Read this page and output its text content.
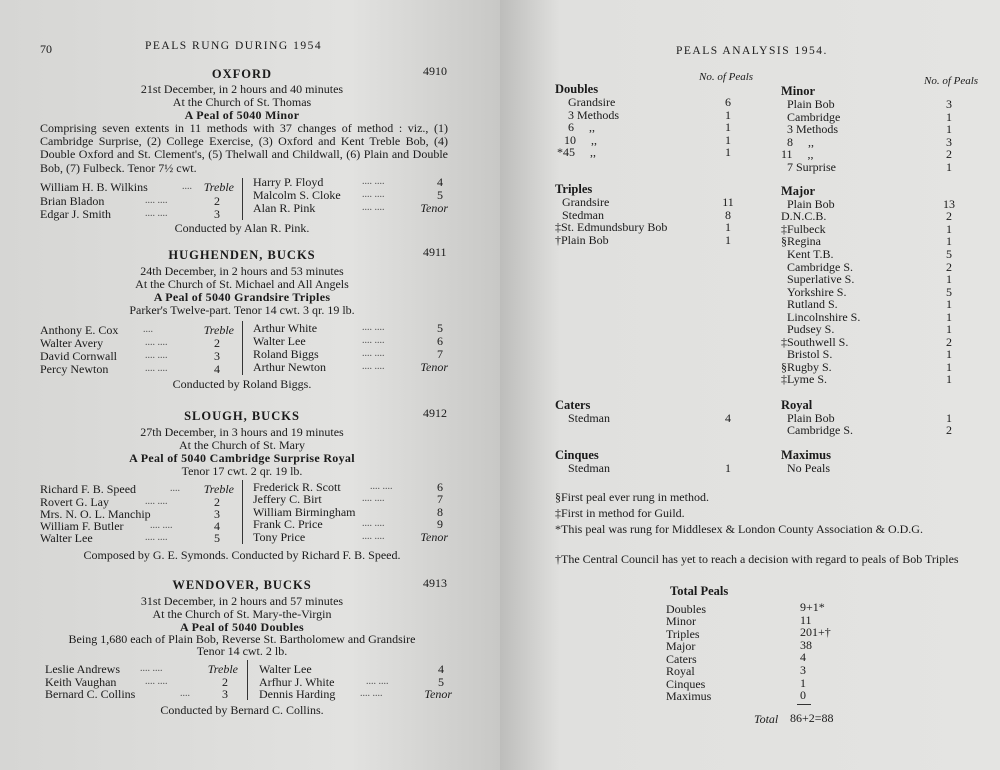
70	PEALS RUNG DURING 1954
OXFORD	4910
21st December, in 2 hours and 40 minutes
At the Church of St. Thomas
A Peal of 5040 Minor
Comprising seven extents in 11 methods with 37 changes of method : viz., (1) Cambridge Surprise, (2) College Exercise, (3) Oxford and Kent Treble Bob, (4) Double Oxford and St. Clement's, (5) Thelwall and Childwall, (6) Plain and Double Bob, (7) Fulbeck. Tenor 7½ cwt.
William H. B. Wilkins	.... Treble
Brian Bladon	.... ....	2
Edgar J. Smith	.... ....	3
Harry P. Floyd	.... ....	4
Malcolm S. Cloke .... ....	5
Alan R. Pink	.... ....	Tenor
Conducted by Alan R. Pink.
HUGHENDEN, BUCKS	4911
24th December, in 2 hours and 53 minutes
At the Church of St. Michael and All Angels
A Peal of 5040 Grandsire Triples
Parker's Twelve-part. Tenor 14 cwt. 3 qr. 19 lb.
Anthony E. Cox ....	Treble
Walter Avery	.... ....	2
David Cornwall	.... ....	3
Percy Newton	.... ....	4
Arthur White	.... ....	5
Walter Lee	.... ....	6
Roland Biggs	.... ....	7
Arthur Newton	.... ....	Tenor
Conducted by Roland Biggs.
SLOUGH, BUCKS	4912
27th December, in 3 hours and 19 minutes
At the Church of St. Mary
A Peal of 5040 Cambridge Surprise Royal
Tenor 17 cwt. 2 qr. 19 lb.
Richard F. B. Speed	....	Treble
Rovert G. Lay	.... ....	2
Mrs. N. O. L. Manchip	3
William F. Butler	.... ....	4
Walter Lee	.... ....	5
Frederick R. Scott	.... ....	6
Jeffery C. Birt	.... ....	7
William Birmingham	8
Frank C. Price	.... ....	9
Tony Price	.... ....	Tenor
Composed by G. E. Symonds. Conducted by Richard F. B. Speed.
WENDOVER, BUCKS	4913
31st December, in 2 hours and 57 minutes
At the Church of St. Mary-the-Virgin
A Peal of 5040 Doubles
Being 1,680 each of Plain Bob, Reverse St. Bartholomew and Grandsire
Tenor 14 cwt. 2 lb.
Leslie Andrews .... ....	Treble
Keith Vaughan	.... ....	2
Bernard C. Collins	....	3
Walter Lee	4
Arfhur J. White	.... ....	5
Dennis Harding .... ....	Tenor
Conducted by Bernard C. Collins.
PEALS ANALYSIS 1954.
No. of Peals	No. of Peals
Doubles
Grandsire	6
3 Methods	1
6     ,,	1
10     ,,	1
*45     ,,	1
Triples
Grandsire	11
Stedman	8
‡St. Edmundsbury Bob	1
†Plain Bob	1
Caters
Stedman	4
Cinques
Stedman	1
Minor
Plain Bob	3
Cambridge	1
3 Methods	1
8     ,,	3
11     ,,	2
7 Surprise	1
Major
Plain Bob	13
D.N.C.B.	2
‡Fulbeck	1
§Regina	1
Kent T.B.	5
Cambridge S.	2
Superlative S.	1
Yorkshire S.	5
Rutland S.	1
Lincolnshire S.	1
Pudsey S.	1
‡Southwell S.	2
Bristol S.	1
§Rugby S.	1
‡Lyme S.	1
Royal
Plain Bob	1
Cambridge S.	2
Maximus
No Peals
§First peal ever rung in method.
‡First in method for Guild.
*This peal was rung for Middlesex & London County Association & O.D.G.
†The Central Council has yet to reach a decision with regard to peals of Bob Triples
Total Peals
Doubles	9+1*
Minor	11
Triples	201+†
Major	38
Caters	4
Royal	3
Cinques	1
Maximus	0
Total 86+2=88
